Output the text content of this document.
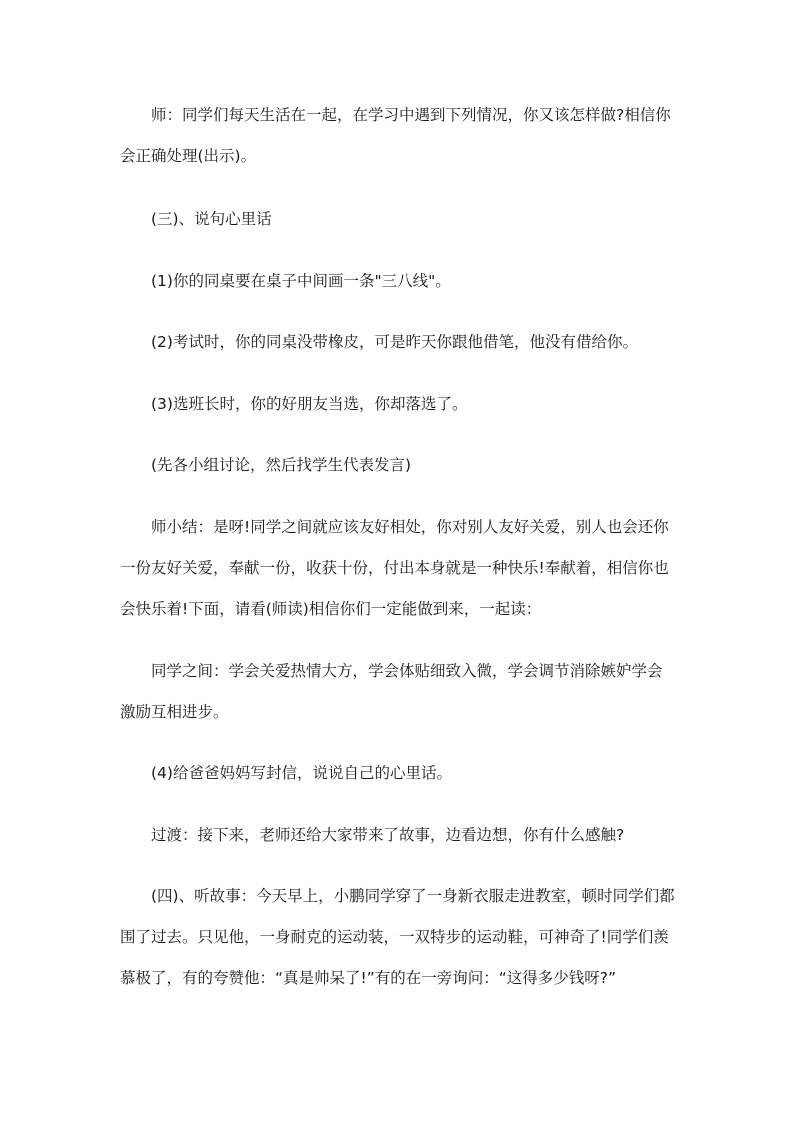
师：同学们每天生活在一起，在学习中遇到下列情况，你又该怎样做?相信你会正确处理(出示)。

(三)、说句心里话

(1)你的同桌要在桌子中间画一条"三八线"。

(2)考试时，你的同桌没带橡皮，可是昨天你跟他借笔，他没有借给你。

(3)选班长时，你的好朋友当选，你却落选了。

(先各小组讨论，然后找学生代表发言)

师小结：是呀!同学之间就应该友好相处，你对别人友好关爱，别人也会还你一份友好关爱，奉献一份，收获十份，付出本身就是一种快乐!奉献着，相信你也会快乐着!下面，请看(师读)相信你们一定能做到来，一起读：

同学之间：学会关爱热情大方，学会体贴细致入微，学会调节消除嫉妒学会激励互相进步。

(4)给爸爸妈妈写封信，说说自己的心里话。

过渡：接下来，老师还给大家带来了故事，边看边想，你有什么感触?

(四)、听故事：今天早上，小鹏同学穿了一身新衣服走进教室，顿时同学们都围了过去。只见他，一身耐克的运动装，一双特步的运动鞋，可神奇了!同学们羡慕极了，有的夸赞他：“真是帅呆了!”有的在一旁询问：“这得多少钱呀?”
